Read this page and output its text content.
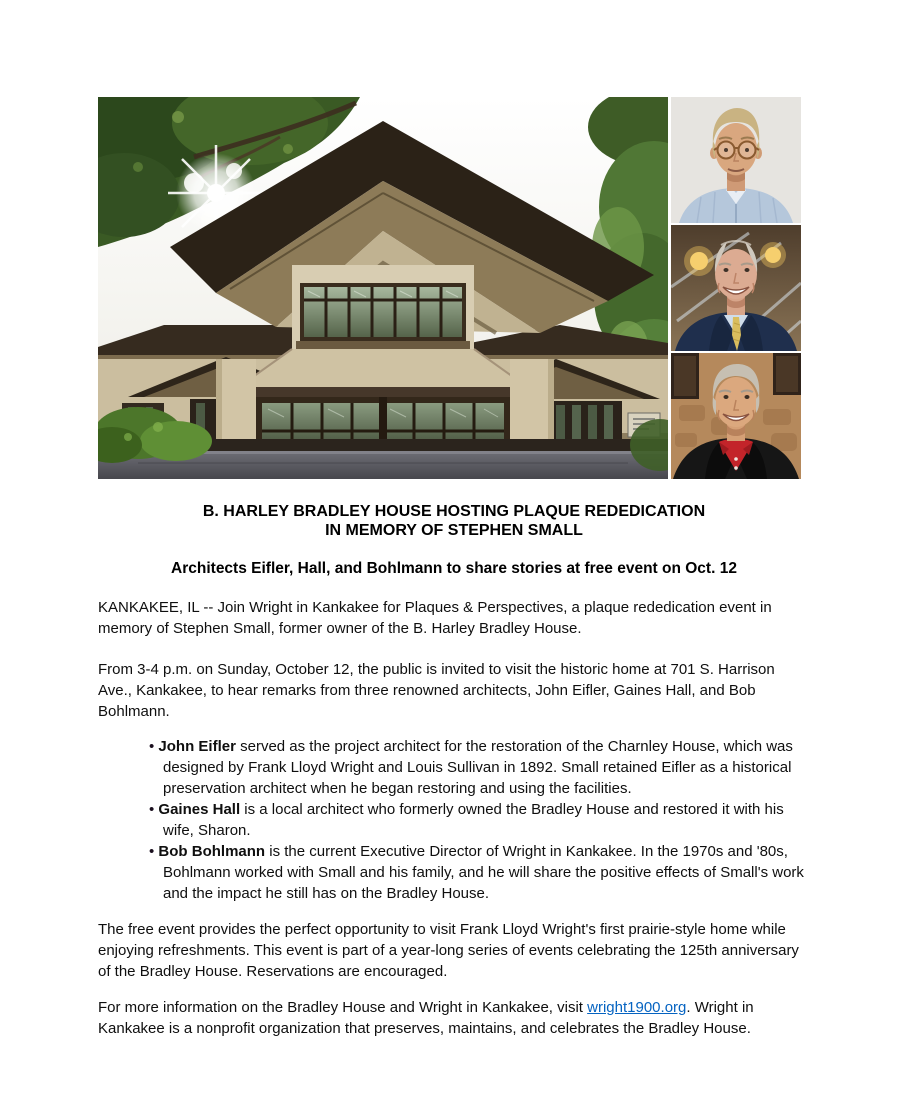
B. HARLEY BRADLEY HOUSE HOSTING PLAQUE REDEDICATION
IN MEMORY OF STEPHEN SMALL
Architects Eifler, Hall, and Bohlmann to share stories at free event on Oct. 12

KANKAKEE, IL -- Join Wright in Kankakee for Plaques & Perspectives, a plaque rededication event in memory of Stephen Small, former owner of the B. Harley Bradley House.

From 3-4 p.m. on Sunday, October 12, the public is invited to visit the historic home at 701 S. Harrison Ave., Kankakee, to hear remarks from three renowned architects, John Eifler, Gaines Hall, and Bob Bohlmann.

• John Eifler served as the project architect for the restoration of the Charnley House, which was designed by Frank Lloyd Wright and Louis Sullivan in 1892. Small retained Eifler as a historical preservation architect when he began restoring and using the facilities.
• Gaines Hall is a local architect who formerly owned the Bradley House and restored it with his wife, Sharon.
• Bob Bohlmann is the current Executive Director of Wright in Kankakee. In the 1970s and '80s, Bohlmann worked with Small and his family, and he will share the positive effects of Small's work and the impact he still has on the Bradley House.

The free event provides the perfect opportunity to visit Frank Lloyd Wright's first prairie-style home while enjoying refreshments. This event is part of a year-long series of events celebrating the 125th anniversary of the Bradley House. Reservations are encouraged.

For more information on the Bradley House and Wright in Kankakee, visit wright1900.org. Wright in Kankakee is a nonprofit organization that preserves, maintains, and celebrates the Bradley House.
